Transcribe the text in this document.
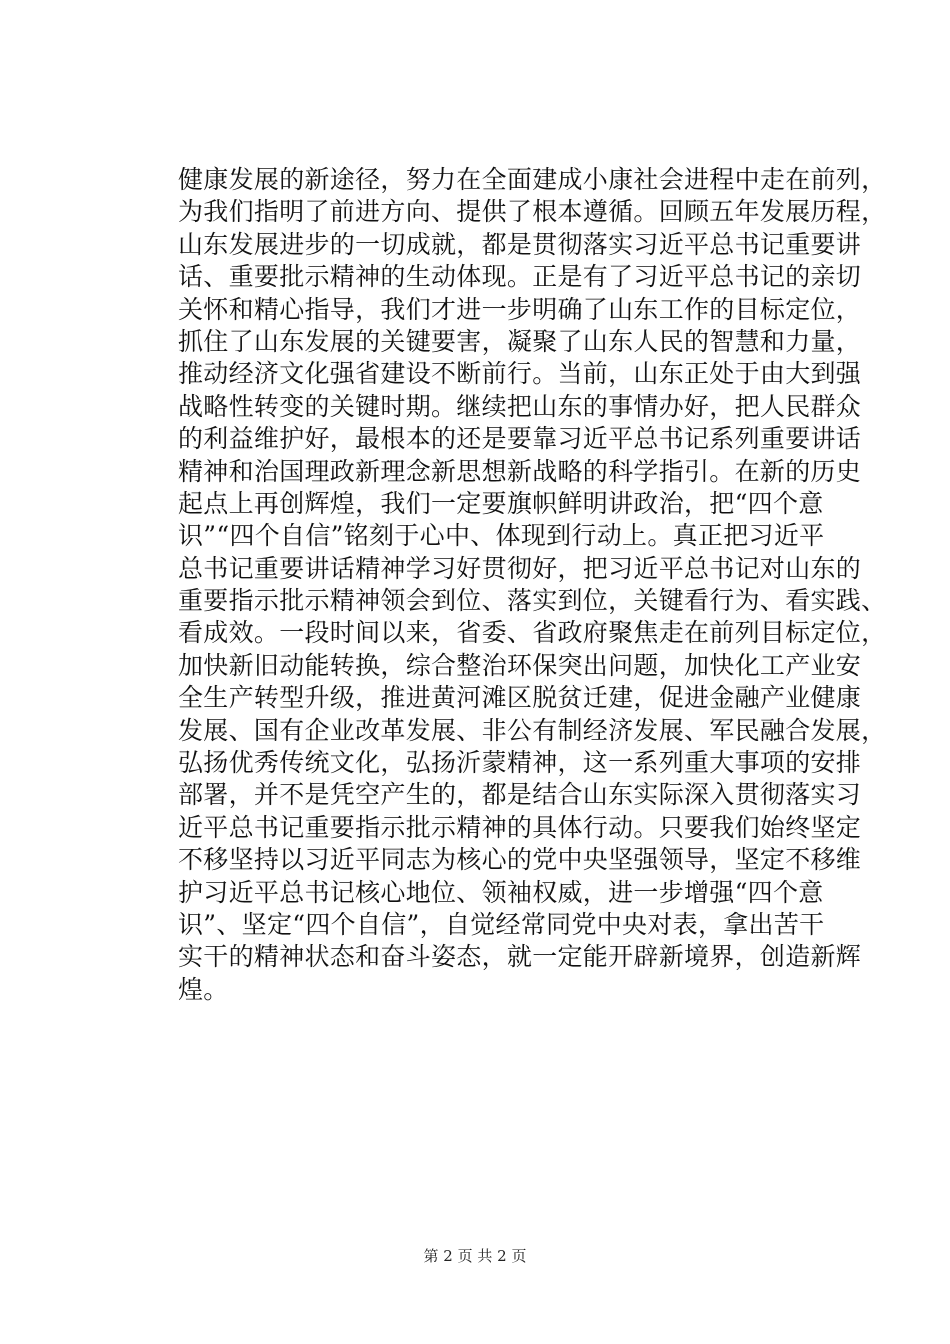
健康发展的新途径，努力在全面建成小康社会进程中走在前列，
为我们指明了前进方向、提供了根本遵循。回顾五年发展历程，
山东发展进步的一切成就，都是贯彻落实习近平总书记重要讲
话、重要批示精神的生动体现。正是有了习近平总书记的亲切
关怀和精心指导，我们才进一步明确了山东工作的目标定位，
抓住了山东发展的关键要害，凝聚了山东人民的智慧和力量，
推动经济文化强省建设不断前行。当前，山东正处于由大到强
战略性转变的关键时期。继续把山东的事情办好，把人民群众
的利益维护好，最根本的还是要靠习近平总书记系列重要讲话
精神和治国理政新理念新思想新战略的科学指引。在新的历史
起点上再创辉煌，我们一定要旗帜鲜明讲政治，把“四个意
识”“四个自信”铭刻于心中、体现到行动上。真正把习近平
总书记重要讲话精神学习好贯彻好，把习近平总书记对山东的
重要指示批示精神领会到位、落实到位，关键看行为、看实践、
看成效。一段时间以来，省委、省政府聚焦走在前列目标定位，
加快新旧动能转换，综合整治环保突出问题，加快化工产业安
全生产转型升级，推进黄河滩区脱贫迁建，促进金融产业健康
发展、国有企业改革发展、非公有制经济发展、军民融合发展，
弘扬优秀传统文化，弘扬沂蒙精神，这一系列重大事项的安排
部署，并不是凭空产生的，都是结合山东实际深入贯彻落实习
近平总书记重要指示批示精神的具体行动。只要我们始终坚定
不移坚持以习近平同志为核心的党中央坚强领导，坚定不移维
护习近平总书记核心地位、领袖权威，进一步增强“四个意
识”、坚定“四个自信”，自觉经常同党中央对表，拿出苦干
实干的精神状态和奋斗姿态，就一定能开辟新境界，创造新辉
煌。
第 2 页 共 2 页
